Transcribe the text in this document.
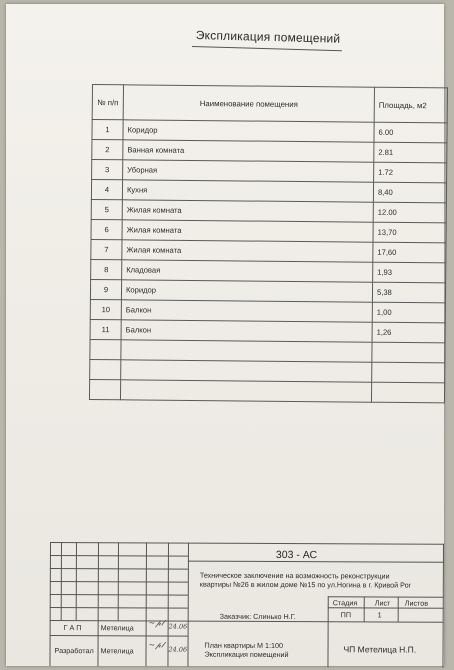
Экспликация помещений
№ п/п	Наименование помещения	Площадь, м2
1	Коридор	6.00
2	Ванная комната	2.81
3	Уборная	1.72
4	Кухня	8,40
5	Жилая комната	12.00
6	Жилая комната	13,70
7	Жилая комната	17,60
8	Кладовая	1,93
9	Коридор	5,38
10	Балкон	1,00
11	Балкон	1,26

303 - АС
Техническое заключение на возможность реконструкции
квартиры №26 в жилом доме №15 по ул.Ногина в г. Кривой Рог
Заказчик: Слинько Н.Г.
Стадия Лист Листов
ПП	1
Г А П	Метелица
~𝓅𝓁 24.06
Разработал Метелица
~𝓅𝓁
24.06 План квартиры М 1:100
Экспликация помещений	ЧП Метелица Н.П.
